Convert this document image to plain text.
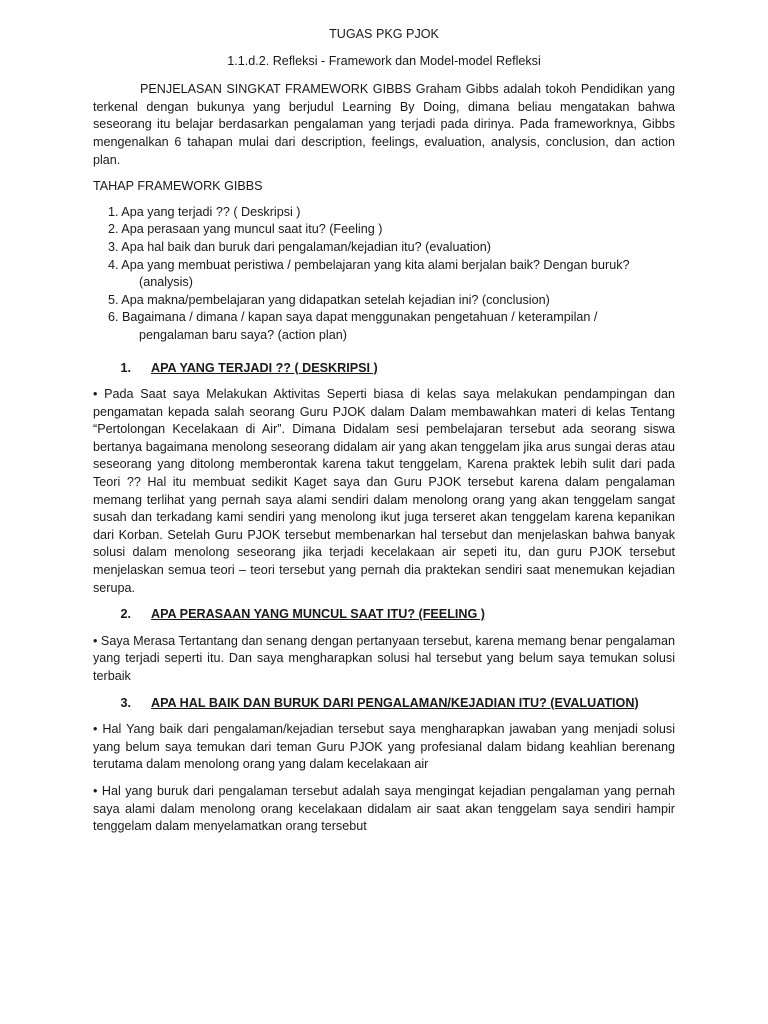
TUGAS PKG PJOK
1.1.d.2. Refleksi - Framework dan Model-model Refleksi

PENJELASAN SINGKAT FRAMEWORK GIBBS Graham Gibbs adalah tokoh Pendidikan yang terkenal dengan bukunya yang berjudul Learning By Doing, dimana beliau mengatakan bahwa seseorang itu belajar berdasarkan pengalaman yang terjadi pada dirinya. Pada frameworknya, Gibbs mengenalkan 6 tahapan mulai dari description, feelings, evaluation, analysis, conclusion, dan action plan.

TAHAP FRAMEWORK GIBBS
1. Apa yang terjadi ?? ( Deskripsi )
2. Apa perasaan yang muncul saat itu? (Feeling )
3. Apa hal baik dan buruk dari pengalaman/kejadian itu? (evaluation)
4. Apa yang membuat peristiwa / pembelajaran yang kita alami berjalan baik? Dengan buruk?
(analysis)
5. Apa makna/pembelajaran yang didapatkan setelah kejadian ini? (conclusion)
6. Bagaimana / dimana / kapan saya dapat menggunakan pengetahuan / keterampilan /
pengalaman baru saya? (action plan)
1.	APA YANG TERJADI ?? ( DESKRIPSI )

• Pada Saat saya Melakukan Aktivitas Seperti biasa di kelas saya melakukan pendampingan dan pengamatan kepada salah seorang Guru PJOK dalam Dalam membawahkan materi di kelas Tentang “Pertolongan Kecelakaan di Air”. Dimana Didalam sesi pembelajaran tersebut ada seorang siswa bertanya bagaimana menolong seseorang didalam air yang akan tenggelam jika arus sungai deras atau seseorang yang ditolong memberontak karena takut tenggelam, Karena praktek lebih sulit dari pada Teori ?? Hal itu membuat sedikit Kaget saya dan Guru PJOK tersebut karena dalam pengalaman memang terlihat yang pernah saya alami sendiri dalam menolong orang yang akan tenggelam sangat susah dan terkadang kami sendiri yang menolong ikut juga terseret akan tenggelam karena kepanikan dari Korban. Setelah Guru PJOK tersebut membenarkan hal tersebut dan menjelaskan bahwa banyak solusi dalam menolong seseorang jika terjadi kecelakaan air sepeti itu, dan guru PJOK tersebut menjelaskan semua teori – teori tersebut yang pernah dia praktekan sendiri saat menemukan kejadian serupa.

2.	APA PERASAAN YANG MUNCUL SAAT ITU? (FEELING )

• Saya Merasa Tertantang dan senang dengan pertanyaan tersebut, karena memang benar pengalaman yang terjadi seperti itu. Dan saya mengharapkan solusi hal tersebut yang belum saya temukan solusi terbaik

3.	APA HAL BAIK DAN BURUK DARI PENGALAMAN/KEJADIAN ITU? (EVALUATION)

• Hal Yang baik dari pengalaman/kejadian tersebut saya mengharapkan jawaban yang menjadi solusi yang belum saya temukan dari teman Guru PJOK yang profesianal dalam bidang keahlian berenang terutama dalam menolong orang yang dalam kecelakaan air

• Hal yang buruk dari pengalaman tersebut adalah saya mengingat kejadian pengalaman yang pernah saya alami dalam menolong orang kecelakaan didalam air saat akan tenggelam saya sendiri hampir tenggelam dalam menyelamatkan orang tersebut
